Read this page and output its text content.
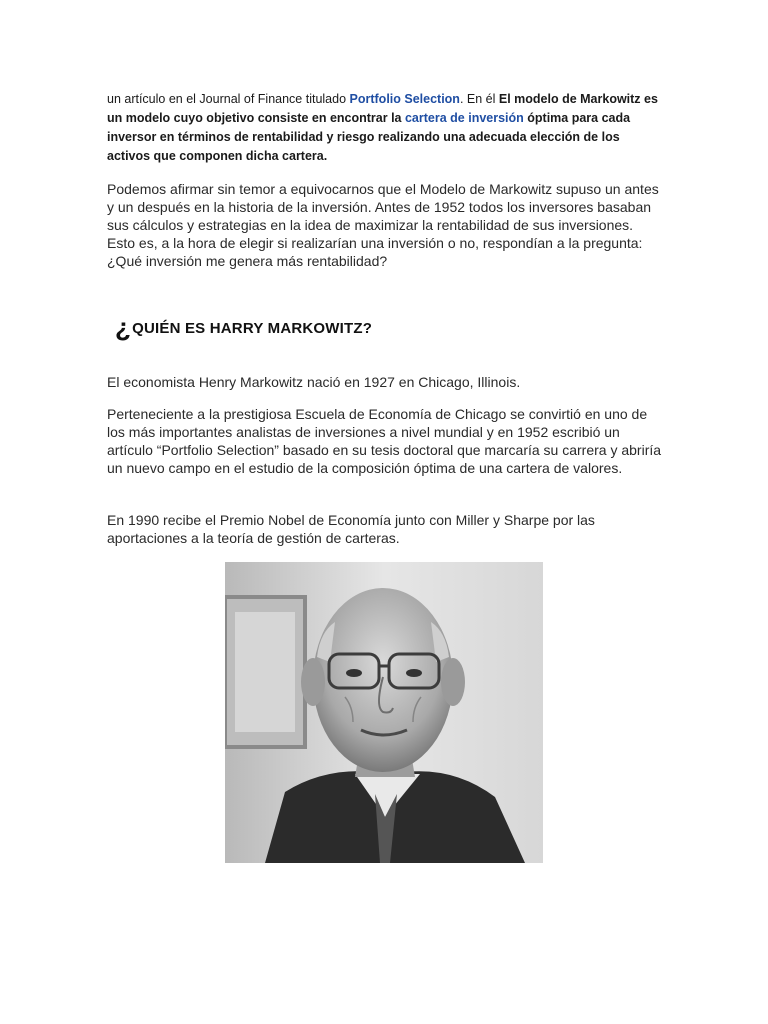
un artículo en el Journal of Finance titulado Portfolio Selection. En él El modelo de Markowitz es un modelo cuyo objetivo consiste en encontrar la cartera de inversión óptima para cada inversor en términos de rentabilidad y riesgo realizando una adecuada elección de los activos que componen dicha cartera.

Podemos afirmar sin temor a equivocarnos que el Modelo de Markowitz supuso un antes y un después en la historia de la inversión. Antes de 1952 todos los inversores basaban sus cálculos y estrategias en la idea de maximizar la rentabilidad de sus inversiones. Esto es, a la hora de elegir si realizarían una inversión o no, respondían a la pregunta: ¿Qué inversión me genera más rentabilidad?

¿QUIÉN ES HARRY MARKOWITZ?

El economista Henry Markowitz nació en 1927 en Chicago, Illinois.

Perteneciente a la prestigiosa Escuela de Economía de Chicago se convirtió en uno de los más importantes analistas de inversiones a nivel mundial y en 1952 escribió un artículo “Portfolio Selection” basado en su tesis doctoral que marcaría su carrera y abriría un nuevo campo en el estudio de la composición óptima de una cartera de valores.

En 1990 recibe el Premio Nobel de Economía junto con Miller y Sharpe por las aportaciones a la teoría de gestión de carteras.
